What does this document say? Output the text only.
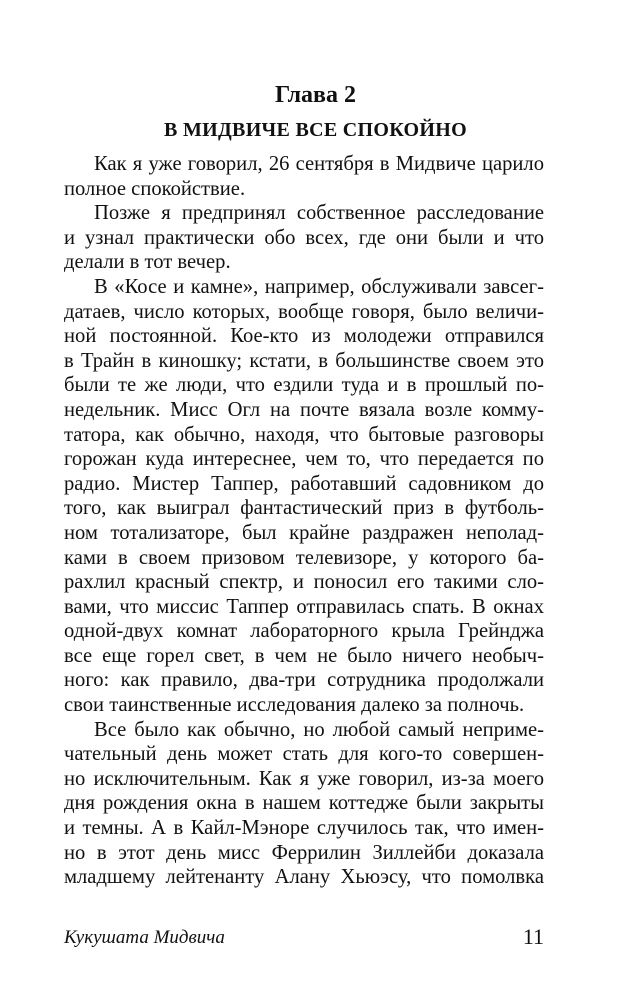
Глава 2
В МИДВИЧЕ ВСЕ СПОКОЙНО
Как я уже говорил, 26 сентября в Мидвиче царило
полное спокойствие.
Позже я предпринял собственное расследование
и узнал практически обо всех, где они были и что
делали в тот вечер.
В «Косе и камне», например, обслуживали завсег-
датаев, число которых, вообще говоря, было величи-
ной постоянной. Кое-кто из молодежи отправился
в Трайн в киношку; кстати, в большинстве своем это
были те же люди, что ездили туда и в прошлый по-
недельник. Мисс Огл на почте вязала возле комму-
татора, как обычно, находя, что бытовые разговоры
горожан куда интереснее, чем то, что передается по
радио. Мистер Таппер, работавший садовником до
того, как выиграл фантастический приз в футболь-
ном тотализаторе, был крайне раздражен неполад-
ками в своем призовом телевизоре, у которого ба-
рахлил красный спектр, и поносил его такими сло-
вами, что миссис Таппер отправилась спать. В окнах
одной-двух комнат лабораторного крыла Грейнджа
все еще горел свет, в чем не было ничего необыч-
ного: как правило, два-три сотрудника продолжали
свои таинственные исследования далеко за полночь.
Все было как обычно, но любой самый неприме-
чательный день может стать для кого-то совершен-
но исключительным. Как я уже говорил, из-за моего
дня рождения окна в нашем коттедже были закрыты
и темны. А в Кайл-Мэноре случилось так, что имен-
но в этот день мисс Феррилин Зиллейби доказала
младшему лейтенанту Алану Хьюэсу, что помолвка
Кукушата Мидвича	11
